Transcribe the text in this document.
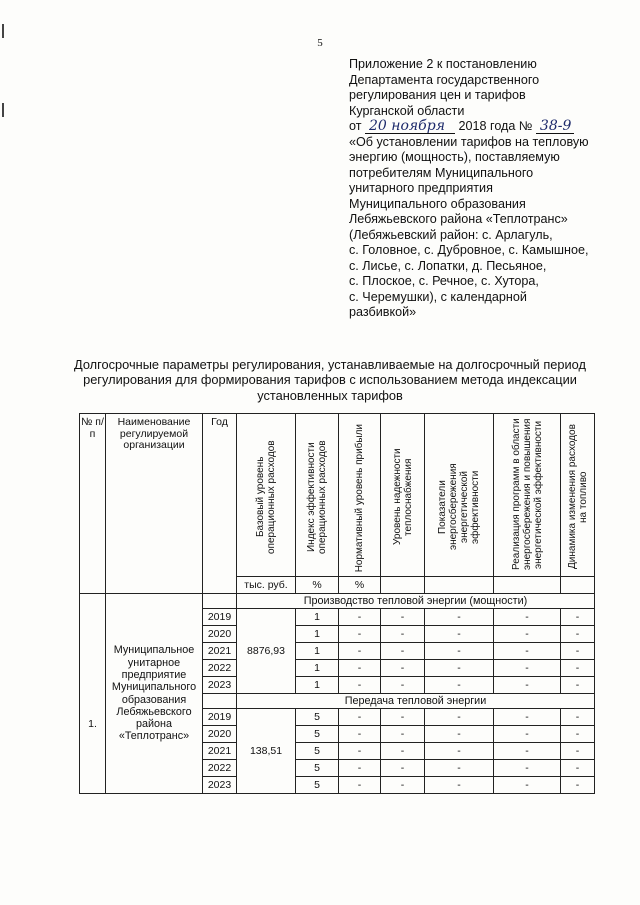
5
Приложение 2 к постановлению
Департамента государственного
регулирования цен и тарифов
Курганской области
от 20 ноября 2018 года № 38-9
«Об установлении тарифов на тепловую
энергию (мощность), поставляемую
потребителям Муниципального
унитарного предприятия
Муниципального образования
Лебяжьевского района «Теплотранс»
(Лебяжьевский район: с. Арлагуль,
с. Головное, с. Дубровное, с. Камышное,
с. Лисье, с. Лопатки, д. Песьяное,
с. Плоское, с. Речное, с. Хутора,
с. Черемушки), с календарной
разбивкой»
Долгосрочные параметры регулирования, устанавливаемые на долгосрочный период
регулирования для формирования тарифов с использованием метода индексации
установленных тарифов
№ п/п	Наименование регулируемой организации	Год	Базовый уровень операционных расходов	Индекс эффективности операционных расходов	Нормативный уровень прибыли	Уровень надежности теплоснабжения	Показатели энергосбережения энергетической эффективности	Реализация программ в области энергосбережения и повышения энергетической эффективности	Динамика изменения расходов на топливо

			тыс. руб.	%	%				
1.	Муниципальное унитарное предприятие Муниципального образования Лебяжьевского района «Теплотранс»		Производство тепловой энергии (мощности)						
		2019	8876,93	1	-	-	-	-	-
		2020		1	-	-	-	-	-
		2021		1	-	-	-	-	-
		2022		1	-	-	-	-	-
		2023		1	-	-	-	-	-
			Передача тепловой энергии						
		2019	138,51	5	-	-	-	-	-
		2020		5	-	-	-	-	-
		2021		5	-	-	-	-	-
		2022		5	-	-	-	-	-
		2023		5	-	-	-	-	-
